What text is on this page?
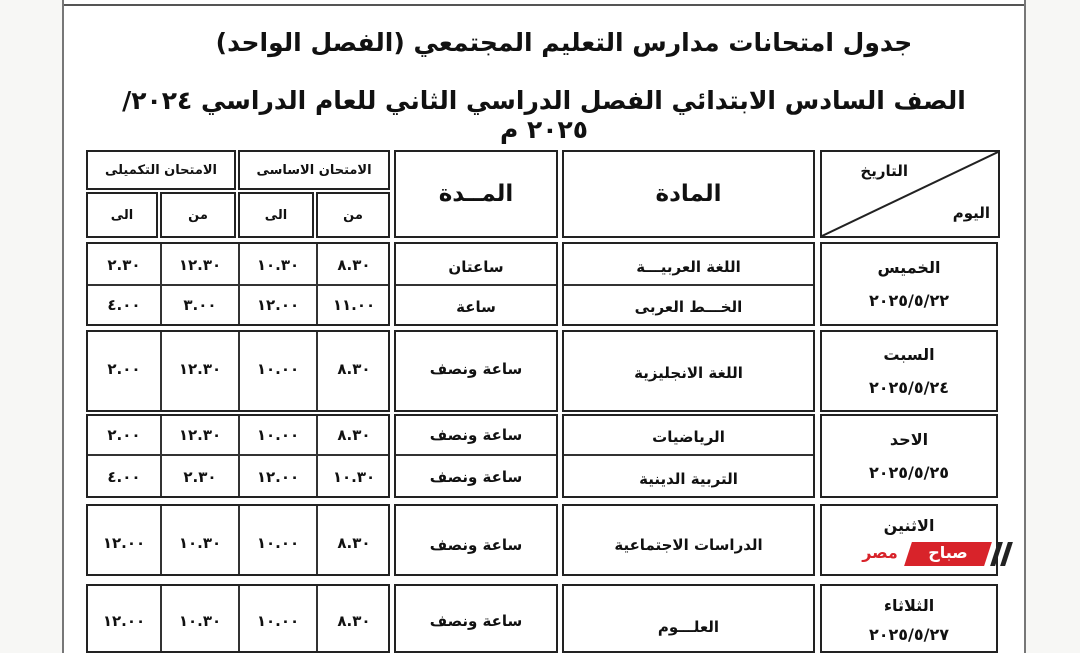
جدول امتحانات مدارس التعليم المجتمعي (الفصل الواحد)
الصف السادس الابتدائي الفصل الدراسي الثاني للعام الدراسي ٢٠٢٤/ ٢٠٢٥ م
التاريخ
اليوم
المادة
المــدة
الامتحان الاساسى
الامتحان التكميلى
من
الى
من
الى
الخميس
٢٠٢٥/٥/٢٢
اللغة العربيـــة
الخـــط العربى
ساعتان
ساعة
٨.٣٠
١٠.٣٠
١٢.٣٠
٢.٣٠
١١.٠٠
١٢.٠٠
٣.٠٠
٤.٠٠
السبت
٢٠٢٥/٥/٢٤
اللغة الانجليزية
ساعة ونصف
٨.٣٠
١٠.٠٠
١٢.٣٠
٢.٠٠
الاحد
٢٠٢٥/٥/٢٥
الرياضيات
التربية الدينية
ساعة ونصف
ساعة ونصف
٨.٣٠
١٠.٠٠
١٢.٣٠
٢.٠٠
١٠.٣٠
١٢.٠٠
٢.٣٠
٤.٠٠
الاثنين
الدراسات الاجتماعية
ساعة ونصف
٨.٣٠
١٠.٠٠
١٠.٣٠
١٢.٠٠
الثلاثاء
٢٠٢٥/٥/٢٧
العلـــوم
ساعة ونصف
٨.٣٠
١٠.٠٠
١٠.٣٠
١٢.٠٠
صباح
مصر
